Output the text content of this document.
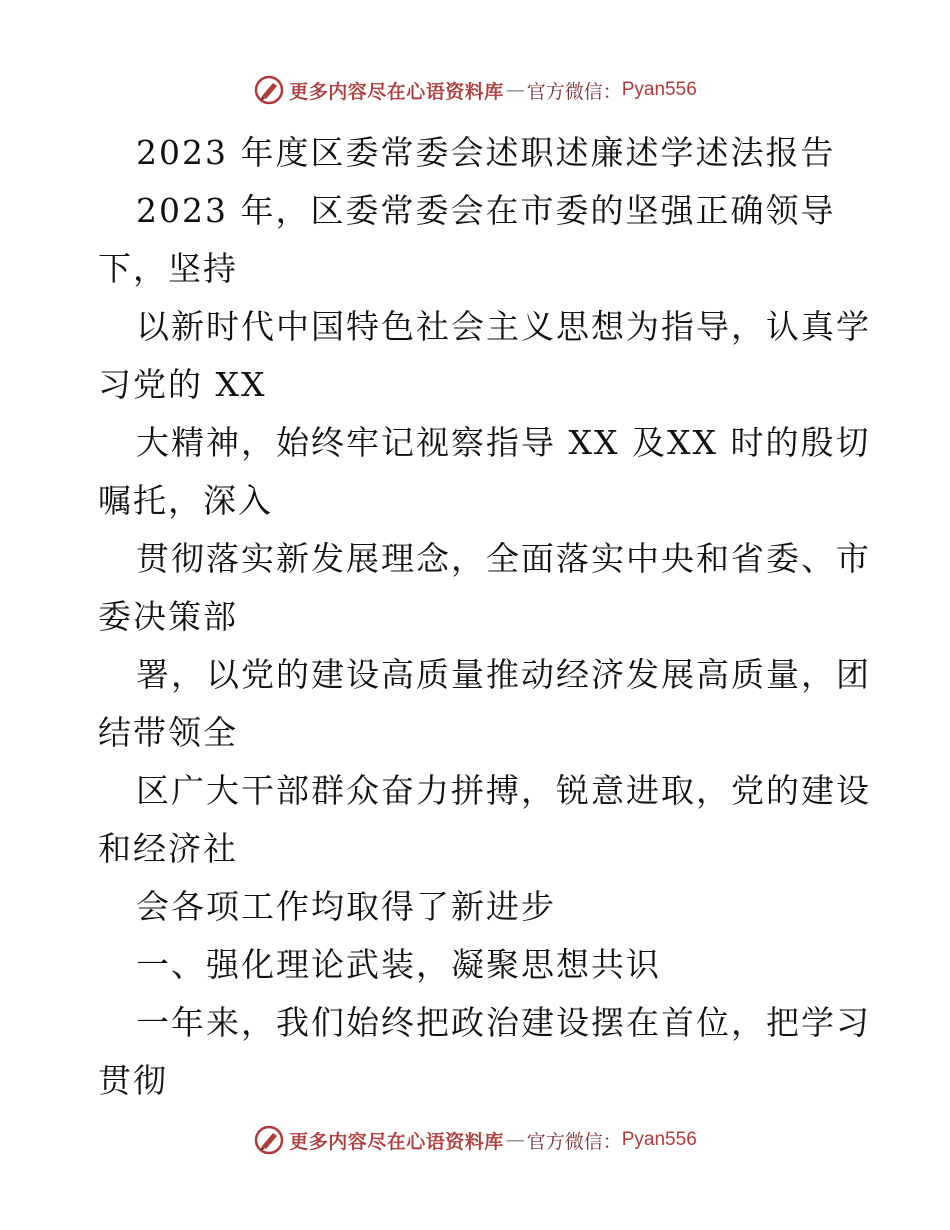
更多内容尽在心语资料库 — 官方微信： Pyan556
2023 年度区委常委会述职述廉述学述法报告
2023 年，区委常委会在市委的坚强正确领导
下，坚持
以新时代中国特色社会主义思想为指导，认真学
习党的 XX
大精神，始终牢记视察指导 XX 及XX 时的殷切
嘱托，深入
贯彻落实新发展理念，全面落实中央和省委、市
委决策部
署，以党的建设高质量推动经济发展高质量，团
结带领全
区广大干部群众奋力拼搏，锐意进取，党的建设
和经济社
会各项工作均取得了新进步
一、强化理论武装，凝聚思想共识
一年来，我们始终把政治建设摆在首位，把学习
贯彻
更多内容尽在心语资料库 — 官方微信： Pyan556
